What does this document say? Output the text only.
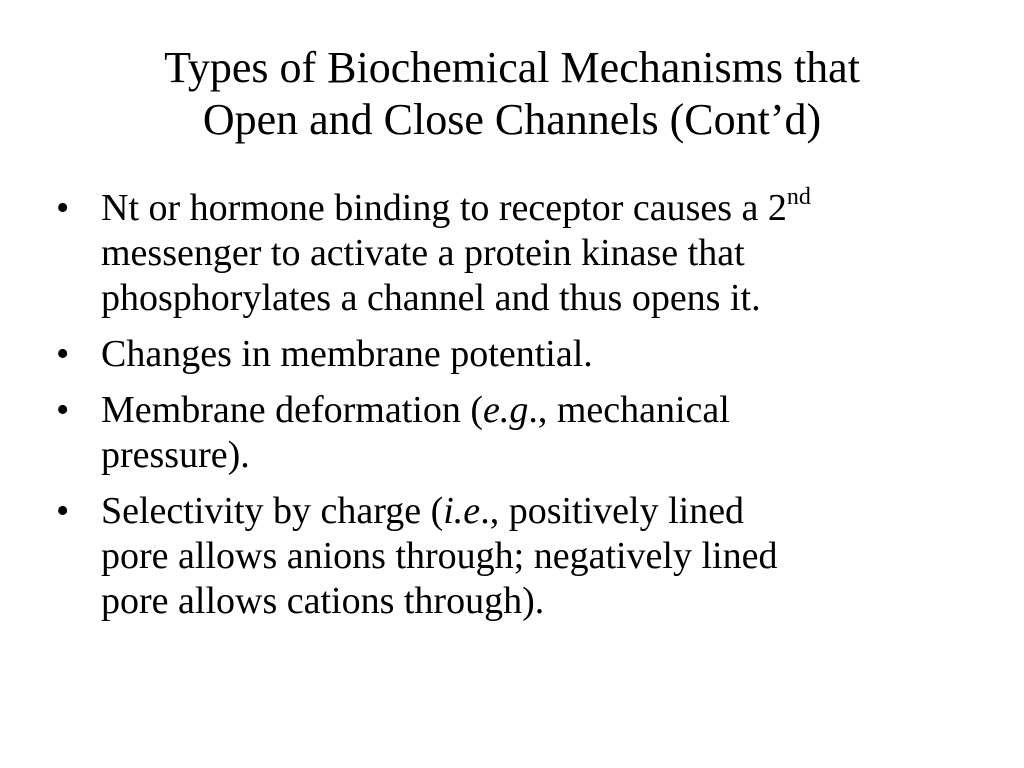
Types of Biochemical Mechanisms that
Open and Close Channels (Cont’d)
• Nt or hormone binding to receptor causes a 2nd
messenger to activate a protein kinase that
phosphorylates a channel and thus opens it.
• Changes in membrane potential.
• Membrane deformation (e.g., mechanical
pressure).
• Selectivity by charge (i.e., positively lined
pore allows anions through; negatively lined
pore allows cations through).
